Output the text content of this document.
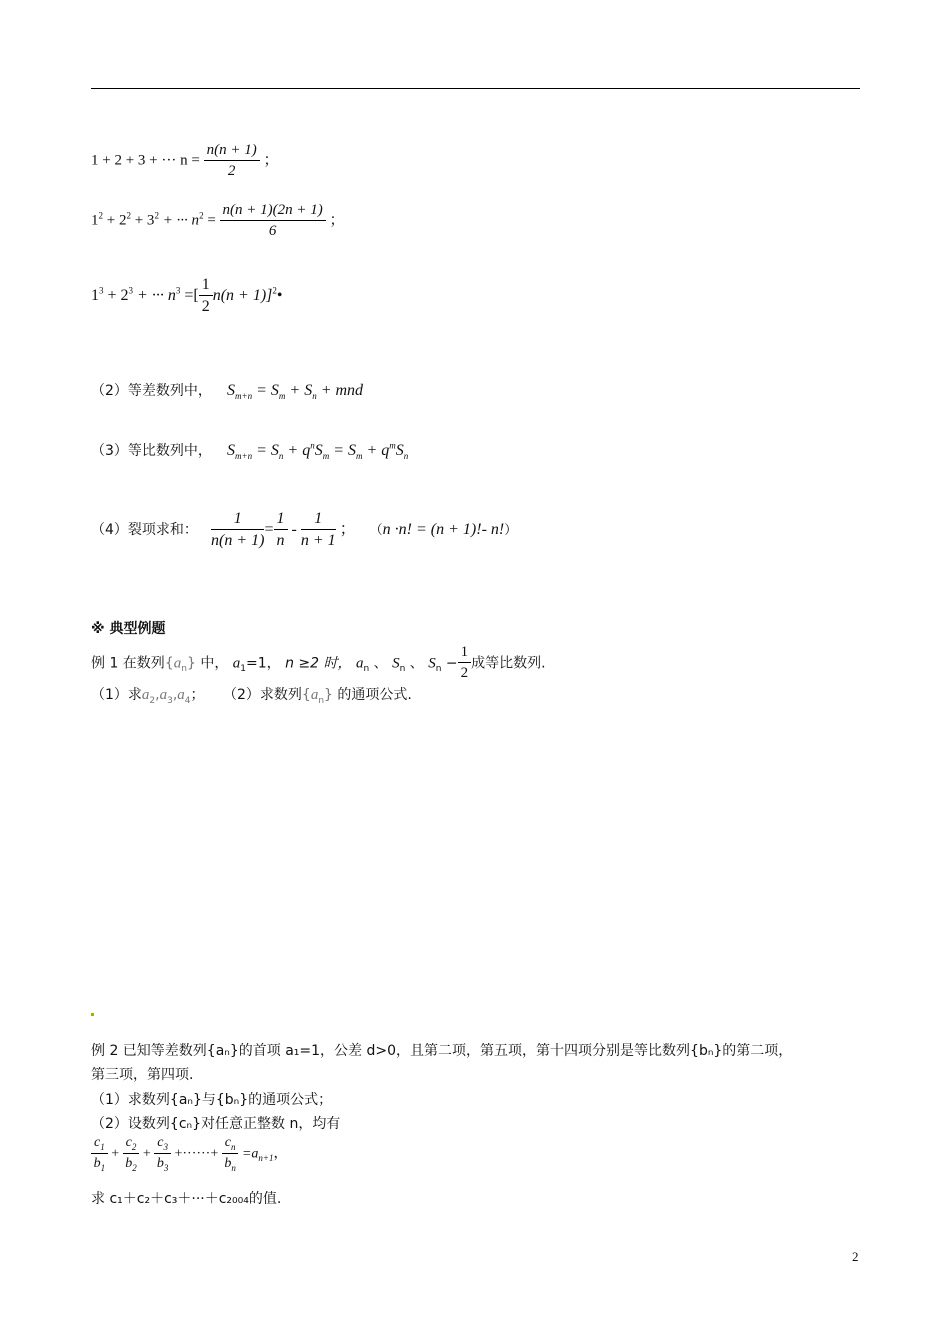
1 + 2 + 3 + ··· $n = \frac{n(n + 1)}{2}$ ；
$1^2 + 2^2 + 3^2$ + ··· $n^2 = \frac{n(n + 1)(2n + 1)}{6}$ ；
$1^3 + 2^3$ + ··· $n^3$ =[ $\frac{1}{2} n(n$ + 1)]$^2$•
（2）等差数列中， $S_{m+n} = S_m + S_n$ + mnd
（3）等比数列中， $S_{m+n} = S_n + q^nS_m = S_m + q^mS_n$
（4）裂项求和： $\frac{1}{n(n + 1)} = \frac{1}{n} - \frac{1}{n + 1}$ ； （n ·n! = (n + 1)!- n!）
※ 典型例题
例 1 在数列$\{a_n\}$ 中， $a_1=1$， n ≥2 时， $a_n$ 、 $S_n$ 、 $S_n - \frac{1}{2}$ 成等比数列.
（1）求$a_2,a_3,a_4$； （2）求数列$\{a_n\}$ 的通项公式.
例 2 已知等差数列{aₙ}的首项 a₁=1，公差 d>0，且第二项，第五项，第十四项分别是等比数列{bₙ}的第二项，
第三项，第四项.
（1）求数列{aₙ}与{bₙ}的通项公式；
（2）设数列{cₙ}对任意正整数 n，均有
$\frac{c_1}{b_1} + \frac{c_2}{b_2} + \frac{c_3}{b_3}$ +······+ $\frac{c_n}{b_n} =a_{n+1}$，
求 c₁＋c₂＋c₃＋···＋c₂₀₀₄的值.
2
